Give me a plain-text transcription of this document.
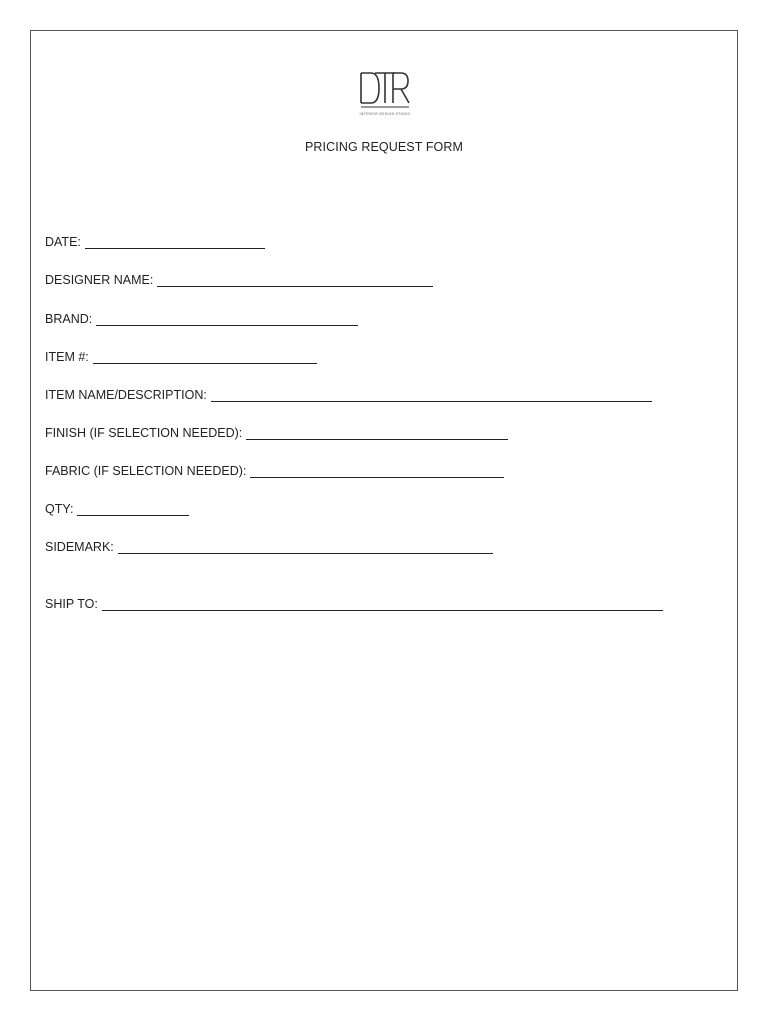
INTERIOR DESIGN STUDIO
PRICING REQUEST FORM
DATE:
DESIGNER NAME:
BRAND:
ITEM #:
ITEM NAME/DESCRIPTION:
FINISH (IF SELECTION NEEDED):
FABRIC (IF SELECTION NEEDED):
QTY:
SIDEMARK:
SHIP TO:
